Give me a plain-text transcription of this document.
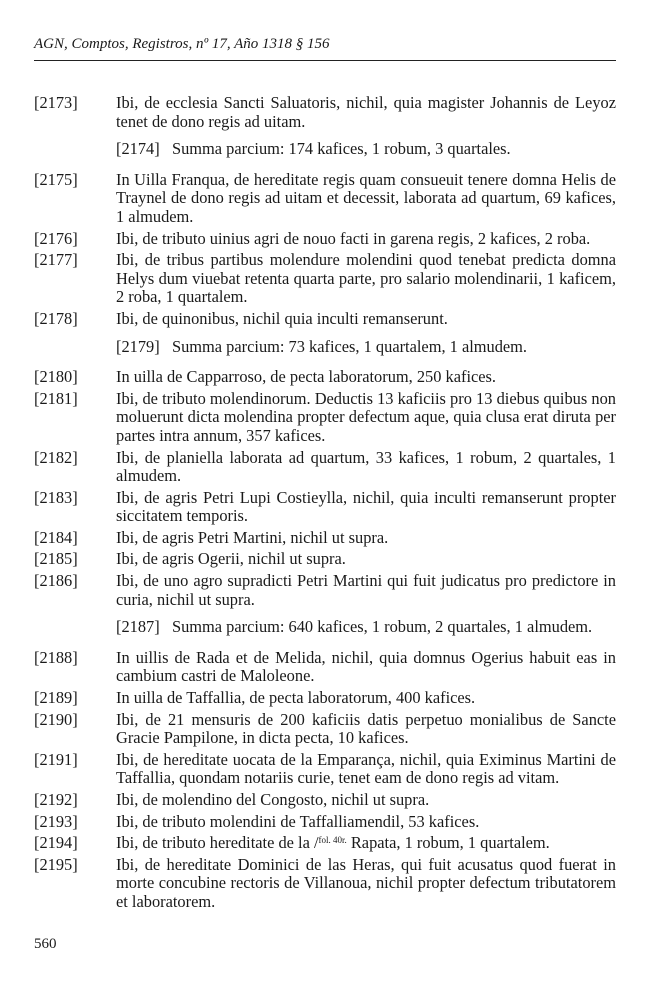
AGN, Comptos, Registros, nº 17, Año 1318 § 156
[2173]	Ibi, de ecclesia Sancti Saluatoris, nichil, quia magister Johannis de Leyoz tenet de dono regis ad uitam.
[2174] Summa parcium: 174 kafices, 1 robum, 3 quartales.
[2175]	In Uilla Franqua, de hereditate regis quam consueuit tenere domna Helis de Traynel de dono regis ad uitam et decessit, laborata ad quartum, 69 kafices, 1 almudem.
[2176]	Ibi, de tributo uinius agri de nouo facti in garena regis, 2 kafices, 2 roba.
[2177]	Ibi, de tribus partibus molendure molendini quod tenebat predicta domna Helys dum viuebat retenta quarta parte, pro salario molendinarii, 1 kaficem, 2 roba, 1 quartalem.
[2178]	Ibi, de quinonibus, nichil quia inculti remanserunt.
[2179] Summa parcium: 73 kafices, 1 quartalem, 1 almudem.
[2180]	In uilla de Capparroso, de pecta laboratorum, 250 kafices.
[2181]	Ibi, de tributo molendinorum. Deductis 13 kaficiis pro 13 diebus quibus non moluerunt dicta molendina propter defectum aque, quia clusa erat diruta per partes intra annum, 357 kafices.
[2182]	Ibi, de planiella laborata ad quartum, 33 kafices, 1 robum, 2 quartales, 1 almudem.
[2183]	Ibi, de agris Petri Lupi Costieylla, nichil, quia inculti remanserunt propter siccitatem temporis.
[2184]	Ibi, de agris Petri Martini, nichil ut supra.
[2185]	Ibi, de agris Ogerii, nichil ut supra.
[2186]	Ibi, de uno agro supradicti Petri Martini qui fuit judicatus pro predictore in curia, nichil ut supra.
[2187] Summa parcium: 640 kafices, 1 robum, 2 quartales, 1 almudem.
[2188]	In uillis de Rada et de Melida, nichil, quia domnus Ogerius habuit eas in cambium castri de Maloleone.
[2189]	In uilla de Taffallia, de pecta laboratorum, 400 kafices.
[2190]	Ibi, de 21 mensuris de 200 kaficiis datis perpetuo monialibus de Sancte Gracie Pampilone, in dicta pecta, 10 kafices.
[2191]	Ibi, de hereditate uocata de la Emparança, nichil, quia Eximinus Martini de Taffallia, quondam notariis curie, tenet eam de dono regis ad vitam.
[2192]	Ibi, de molendino del Congosto, nichil ut supra.
[2193]	Ibi, de tributo molendini de Taffalliamendil, 53 kafices.
[2194]	Ibi, de tributo hereditate de la /$^{fol. 40r.}$ Rapata, 1 robum, 1 quartalem.
[2195]	Ibi, de hereditate Dominici de las Heras, qui fuit acusatus quod fuerat in morte concubine rectoris de Villanoua, nichil propter defectum tributatorem et laboratorem.
560
